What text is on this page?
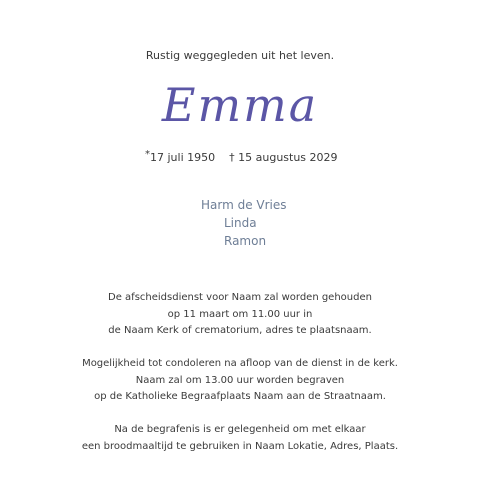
Rustig weggegleden uit het leven.
Emma
*17 juli 1950 † 15 augustus 2029
Harm de Vries
Linda
Ramon
De afscheidsdienst voor Naam zal worden gehouden
op 11 maart om 11.00 uur in
de Naam Kerk of crematorium, adres te plaatsnaam.
Mogelijkheid tot condoleren na afloop van de dienst in de kerk.
Naam zal om 13.00 uur worden begraven
op de Katholieke Begraafplaats Naam aan de Straatnaam.
Na de begrafenis is er gelegenheid om met elkaar
een broodmaaltijd te gebruiken in Naam Lokatie, Adres, Plaats.
